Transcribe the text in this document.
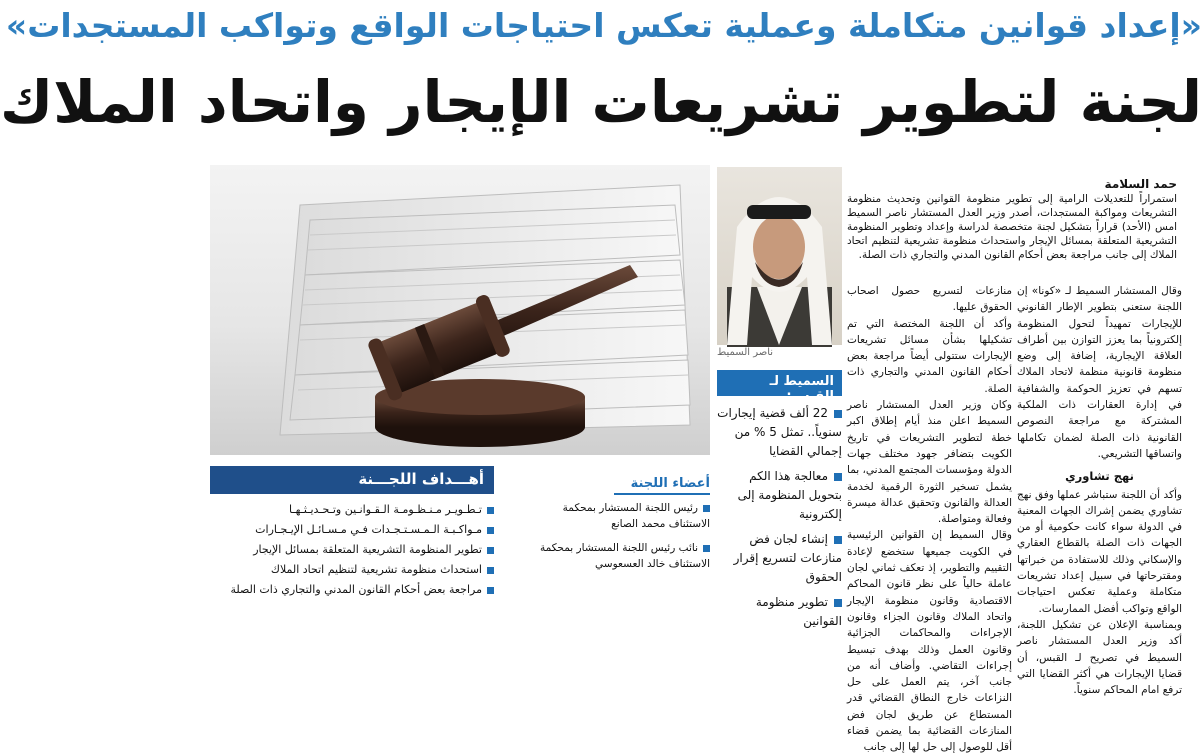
«إعداد قوانين متكاملة وعملية تعكس احتياجات الواقع وتواكب المستجدات»
لجنة لتطوير تشريعات الإيجار واتحاد الملاك
ناصر السميط
حمد السلامة
استمراراً للتعديلات الرامية إلى تطوير منظومة القوانين وتحديث منظومة التشريعات ومواكبة المستجدات، أصدر وزير العدل المستشار ناصر السميط امس (الأحد) قراراً بتشكيل لجنة متخصصة لدراسة وإعداد وتطوير المنظومة التشريعية المتعلقة بمسائل الإيجار واستحداث منظومة تشريعية لتنظيم اتحاد الملاك إلى جانب مراجعة بعض أحكام القانون المدني والتجاري ذات الصلة.

وقال المستشار السميط لـ «كونا» إن اللجنة ستعنى بتطوير الإطار القانوني للإيجارات تمهيداً لتحول المنظومة إلكترونياً بما يعزز التوازن بين أطراف العلاقة الإيجارية، إضافة إلى وضع منظومة قانونية منظمة لاتحاد الملاك تسهم في تعزيز الحوكمة والشفافية في إدارة العقارات ذات الملكية المشتركة مع مراجعة النصوص القانونية ذات الصلة لضمان تكاملها واتساقها التشريعي.

نهج تشاوري

وأكد أن اللجنة ستباشر عملها وفق نهج تشاوري يضمن إشراك الجهات المعنية في الدولة سواء كانت حكومية أو من الجهات ذات الصلة بالقطاع العقاري والإسكاني وذلك للاستفادة من خبراتها ومقترحاتها في سبيل إعداد تشريعات متكاملة وعملية تعكس احتياجات الواقع وتواكب أفضل الممارسات.

وبمناسبة الإعلان عن تشكيل اللجنة، أكد وزير العدل المستشار ناصر السميط في تصريح لـ القبس، أن قضايا الإيجارات هي أكثر القضايا التي ترفع امام المحاكم سنوياً.

منازعات لتسريع حصول اصحاب الحقوق عليها.

وأكد أن اللجنة المختصة التي تم تشكيلها بشأن مسائل تشريعات الإيجارات ستتولى أيضاً مراجعة بعض أحكام القانون المدني والتجاري ذات الصلة.

وكان وزير العدل المستشار ناصر السميط اعلن منذ أيام إطلاق اكبر خطة لتطوير التشريعات في تاريخ الكويت بتضافر جهود مختلف جهات الدولة ومؤسسات المجتمع المدني، بما يشمل تسخير الثورة الرقمية لخدمة العدالة والقانون وتحقيق عدالة ميسرة وفعالة ومتواصلة.

وقال السميط إن القوانين الرئيسية في الكويت جميعها ستخضع لإعادة التقييم والتطوير، إذ تعكف ثماني لجان عاملة حالياً على نظر قانون المحاكم الاقتصادية وقانون منظومة الإيجار واتحاد الملاك وقانون الجزاء وقانون الإجراءات والمحاكمات الجزائية وقانون العمل وذلك بهدف تبسيط إجراءات التقاضي. وأضاف أنه من جانب آخر، يتم العمل على حل النزاعات خارج النطاق القضائي قدر المستطاع عن طريق لجان فض المنازعات القضائية بما يضمن قضاء أقل للوصول إلى حل لها إلى جانب

السميط لـ القبس:
22 ألف قضية إيجارات سنوياً.. تمثل 5 % من إجمالي القضايا
معالجة هذا الكم بتحويل المنظومة إلى إلكترونية
إنشاء لجان فض منازعات لتسريع إقرار الحقوق
تطوير منظومة القوانين
أعضاء اللجنة
رئيس اللجنة المستشار بمحكمة الاستئناف محمد الصانع
نائب رئيس اللجنة المستشار بمحكمة الاستئناف خالد العسعوسي
أهـــداف اللجـــنة
تـطـويـر مـنـظـومـة الـقـوانـين وتـحـديـثـهـا
مـواكـبـة الـمـسـتـجـدات فـي مـسـائـل الإيـجـارات
تطوير المنظومة التشريعية المتعلقة بمسائل الإيجار
استحداث منظومة تشريعية لتنظيم اتحاد الملاك
مراجعة بعض أحكام القانون المدني والتجاري ذات الصلة
